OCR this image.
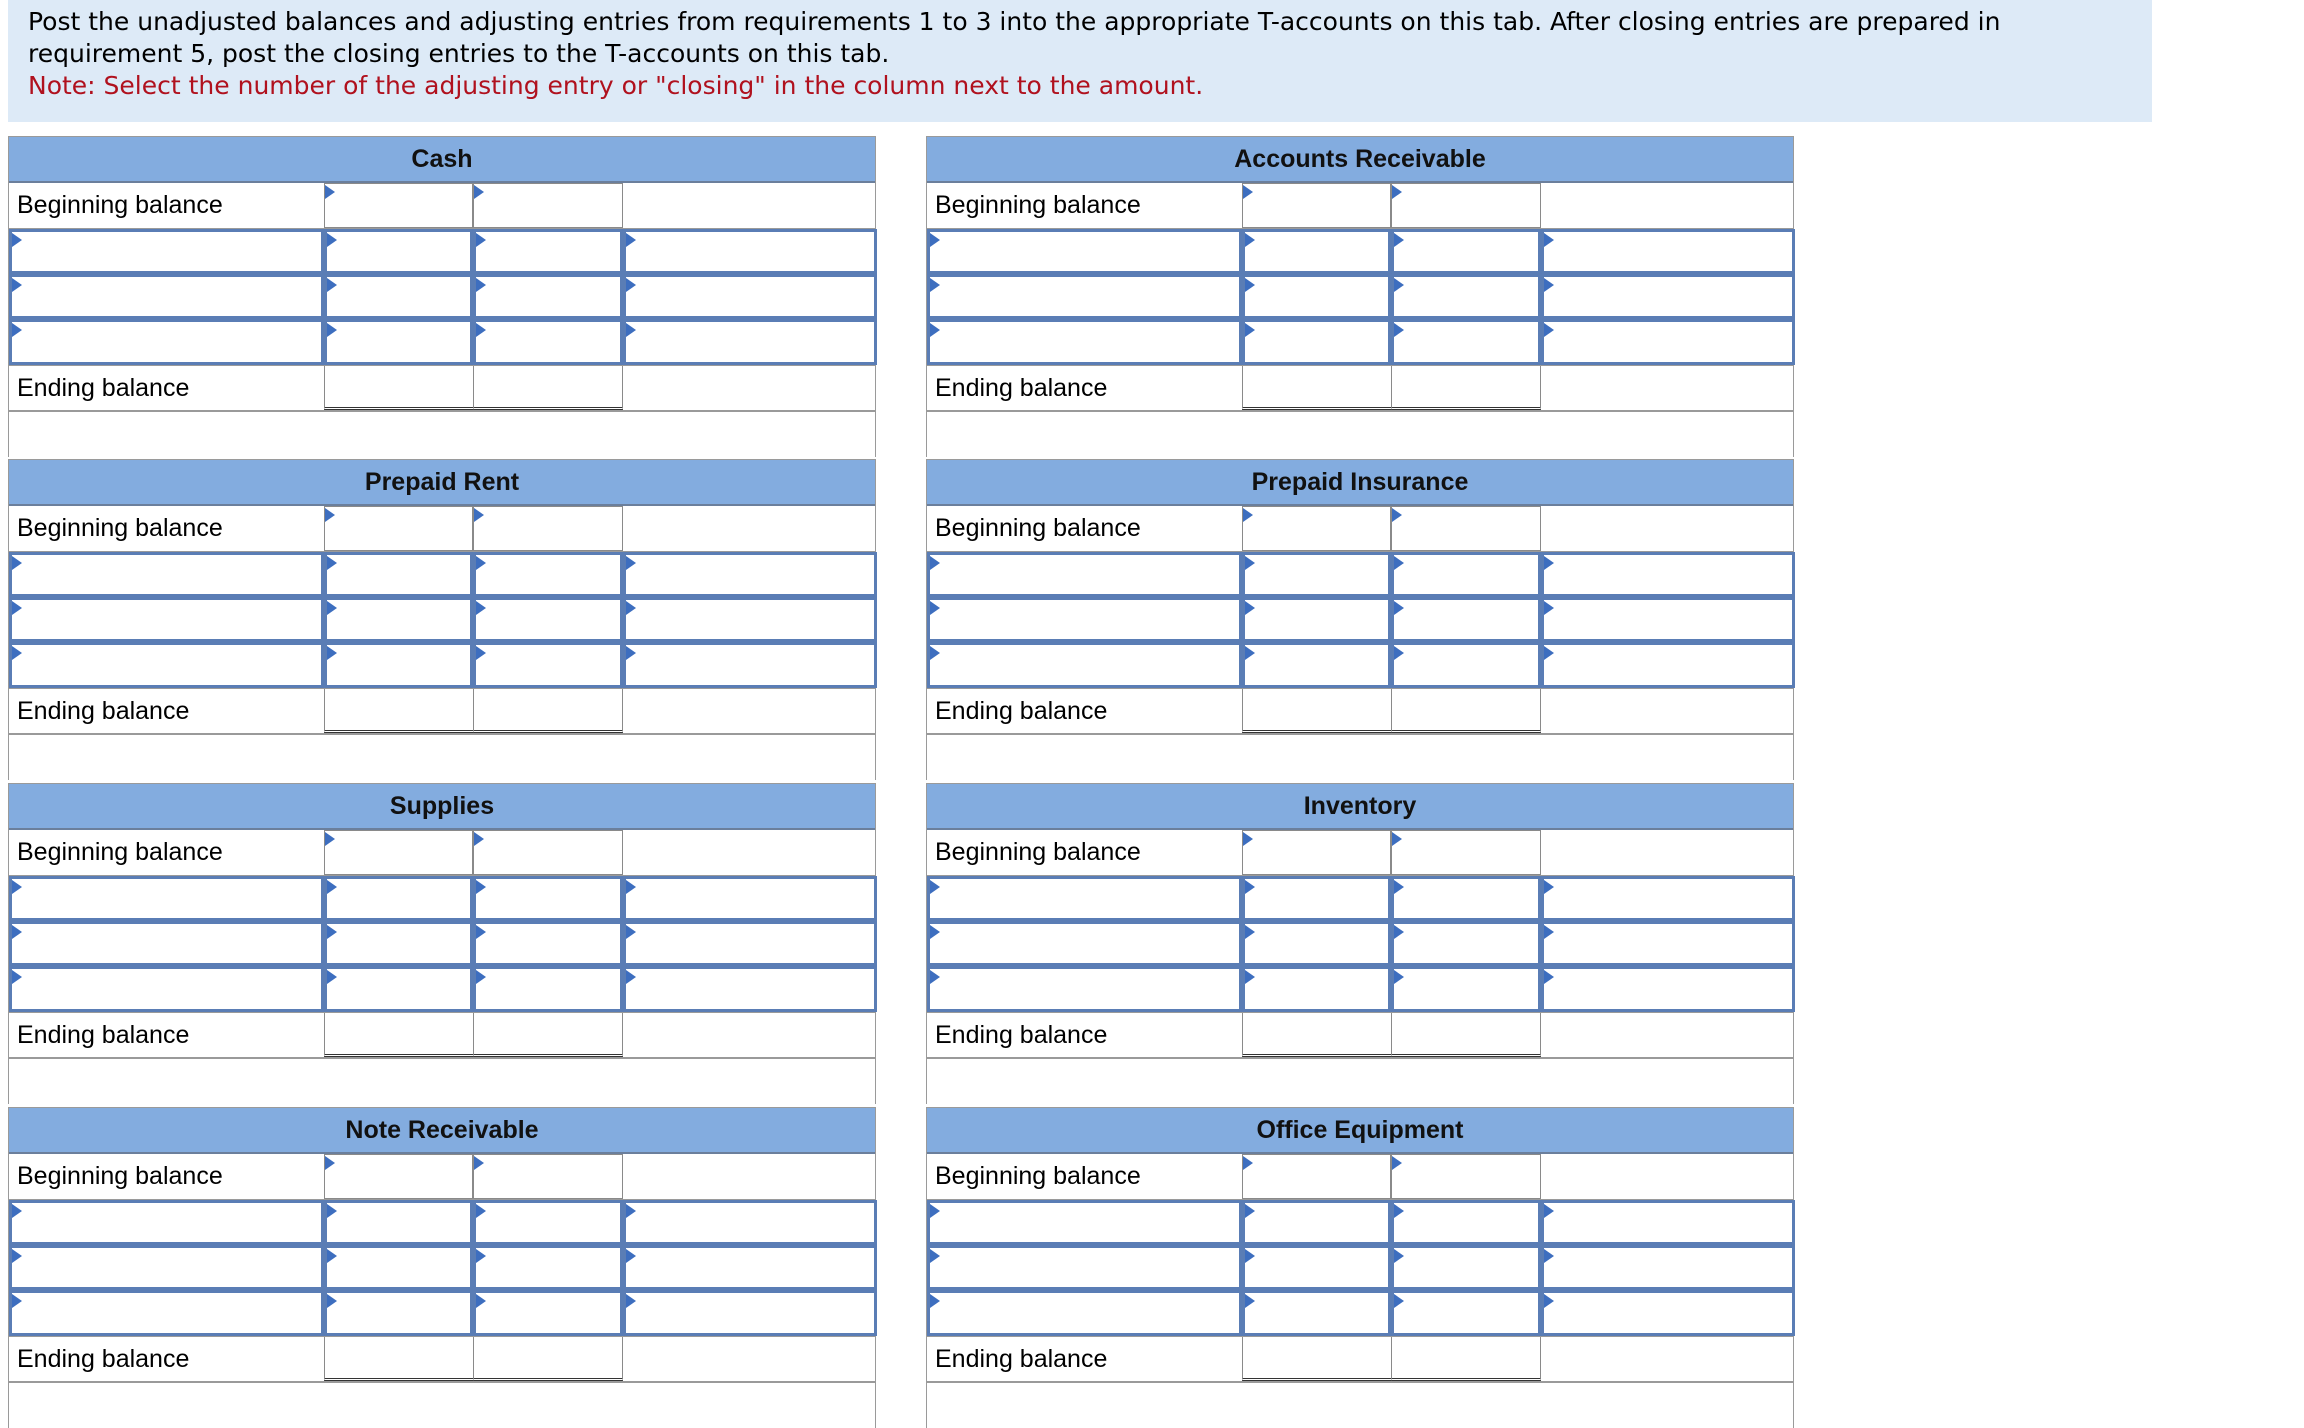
Post the unadjusted balances and adjusting entries from requirements 1 to 3 into the appropriate T-accounts on this tab. After closing entries are prepared in
requirement 5, post the closing entries to the T-accounts on this tab.
Note: Select the number of the adjusting entry or "closing" in the column next to the amount.
Cash
Beginning balance
Ending balance
Accounts Receivable
Beginning balance
Ending balance
Prepaid Rent
Beginning balance
Ending balance
Prepaid Insurance
Beginning balance
Ending balance
Supplies
Beginning balance
Ending balance
Inventory
Beginning balance
Ending balance
Note Receivable
Beginning balance
Ending balance
Office Equipment
Beginning balance
Ending balance
